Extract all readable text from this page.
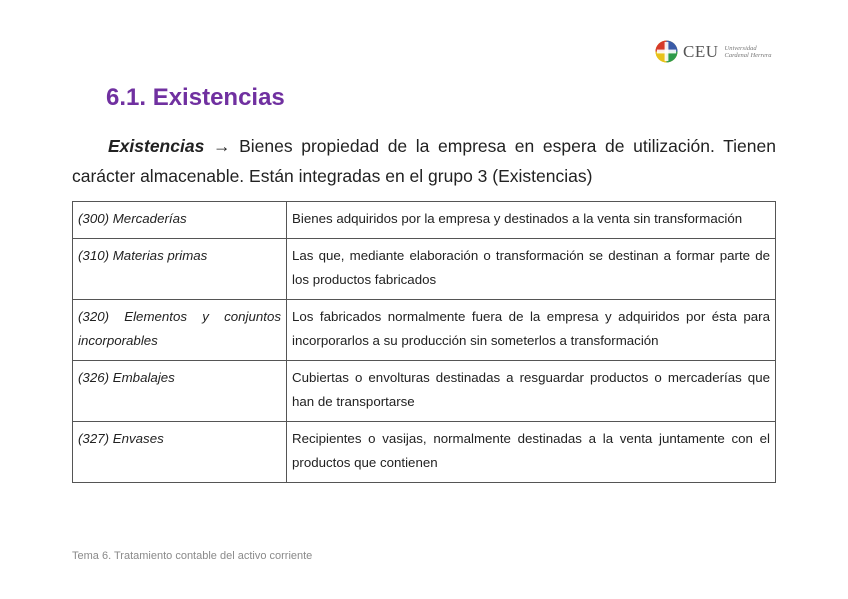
CEU Universidad Cardenal Herrera
6.1. Existencias
Existencias → Bienes propiedad de la empresa en espera de utilización. Tienen
carácter almacenable. Están integradas en el grupo 3 (Existencias)
(300) Mercaderías	Bienes adquiridos por la empresa y destinados a la venta sin transformación
(310) Materias primas	Las que, mediante elaboración o transformación se destinan a formar parte de los productos fabricados
(320) Elementos y conjuntos incorporables	Los fabricados normalmente fuera de la empresa y adquiridos por ésta para incorporarlos a su producción sin someterlos a transformación
(326) Embalajes	Cubiertas o envolturas destinadas a resguardar productos o mercaderías que han de transportarse
(327) Envases	Recipientes o vasijas, normalmente destinadas a la venta juntamente con el productos que contienen
Tema 6. Tratamiento contable del activo corriente
